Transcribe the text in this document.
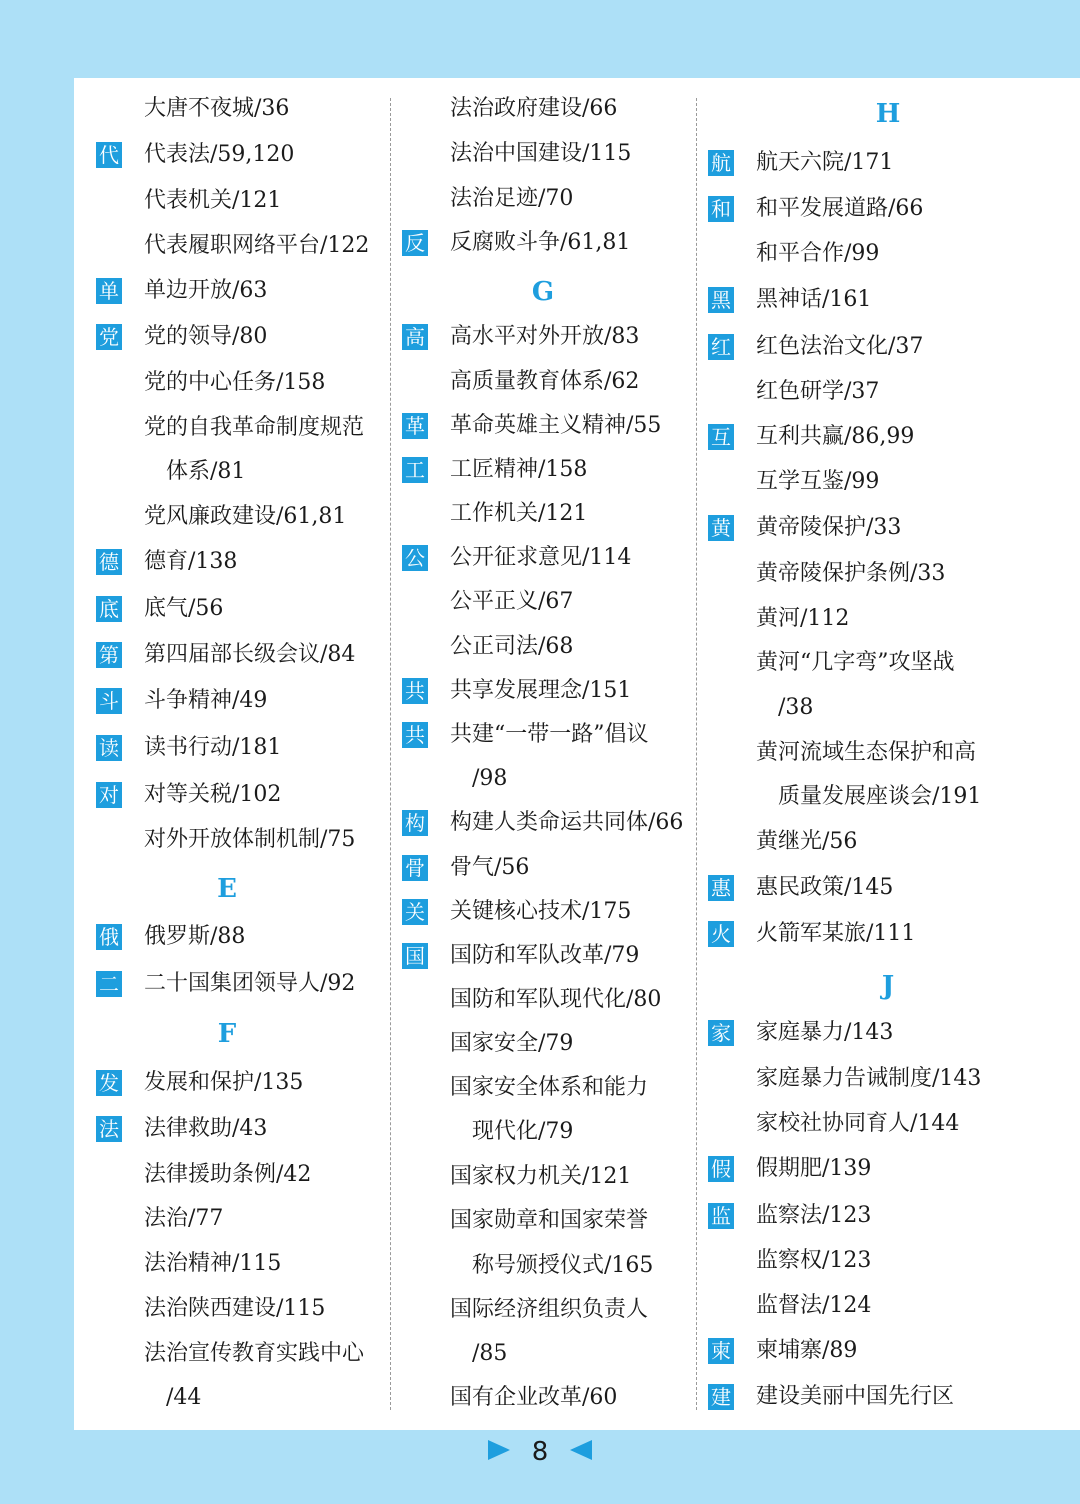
大唐不夜城/36
代 代表法/59,120
代表机关/121
代表履职网络平台/122
单 单边开放/63
党 党的领导/80
党的中心任务/158
党的自我革命制度规范
体系/81
党风廉政建设/61,81
德 德育/138
底 底气/56
第 第四届部长级会议/84
斗 斗争精神/49
读 读书行动/181
对 对等关税/102
对外开放体制机制/75
E
俄 俄罗斯/88
二 二十国集团领导人/92
F
发 发展和保护/135
法 法律救助/43
法律援助条例/42
法治/77
法治精神/115
法治陕西建设/115
法治宣传教育实践中心
/44
法治政府建设/66
法治中国建设/115
法治足迹/70
反 反腐败斗争/61,81
G
高 高水平对外开放/83
高质量教育体系/62
革 革命英雄主义精神/55
工 工匠精神/158
工作机关/121
公 公开征求意见/114
公平正义/67
公正司法/68
共 共享发展理念/151
共 共建“一带一路”倡议
/98
构 构建人类命运共同体/66
骨 骨气/56
关 关键核心技术/175
国 国防和军队改革/79
国防和军队现代化/80
国家安全/79
国家安全体系和能力
现代化/79
国家权力机关/121
国家勋章和国家荣誉
称号颁授仪式/165
国际经济组织负责人
/85
国有企业改革/60
H
航 航天六院/171
和 和平发展道路/66
和平合作/99
黑 黑神话/161
红 红色法治文化/37
红色研学/37
互 互利共赢/86,99
互学互鉴/99
黄 黄帝陵保护/33
黄帝陵保护条例/33
黄河/112
黄河“几字弯”攻坚战
/38
黄河流域生态保护和高
质量发展座谈会/191
黄继光/56
惠 惠民政策/145
火 火箭军某旅/111
J
家 家庭暴力/143
家庭暴力告诫制度/143
家校社协同育人/144
假 假期肥/139
监 监察法/123
监察权/123
监督法/124
柬 柬埔寨/89
建 建设美丽中国先行区
8
